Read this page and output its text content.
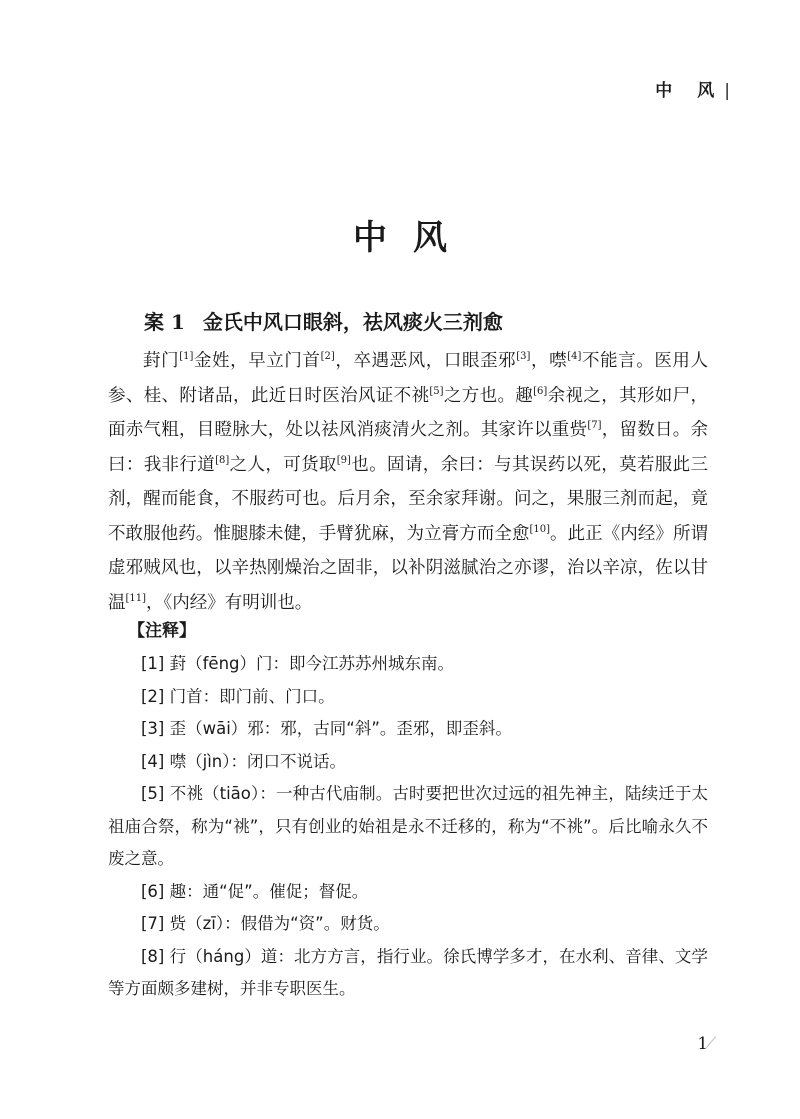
中　风 |
中风
案 1 金氏中风口眼斜，祛风痰火三剂愈

葑门[1]金姓，早立门首[2]，卒遇恶风，口眼歪邪[3]，噤[4]不能言。医用人参、桂、附诸品，此近日时医治风证不祧[5]之方也。趣[6]余视之，其形如尸，面赤气粗，目瞪脉大，处以祛风消痰清火之剂。其家许以重赀[7]，留数日。余曰：我非行道[8]之人，可货取[9]也。固请，余曰：与其误药以死，莫若服此三剂，醒而能食，不服药可也。后月余，至余家拜谢。问之，果服三剂而起，竟不敢服他药。惟腿膝未健，手臂犹麻，为立膏方而全愈[10]。此正《内经》所谓虚邪贼风也，以辛热刚燥治之固非，以补阴滋腻治之亦谬，治以辛凉，佐以甘温[11]，《内经》有明训也。

【注释】
[1] 葑（fēng）门：即今江苏苏州城东南。
[2] 门首：即门前、门口。
[3] 歪（wāi）邪：邪，古同“斜”。歪邪，即歪斜。
[4] 噤（jìn）：闭口不说话。
[5] 不祧（tiāo）：一种古代庙制。古时要把世次过远的祖先神主，陆续迁于太祖庙合祭，称为“祧”，只有创业的始祖是永不迁移的，称为“不祧”。后比喻永久不废之意。
[6] 趣：通“促”。催促；督促。
[7] 赀（zī）：假借为“资”。财货。
[8] 行（háng）道：北方方言，指行业。徐氏博学多才，在水利、音律、文学等方面颇多建树，并非专职医生。
1⁄
